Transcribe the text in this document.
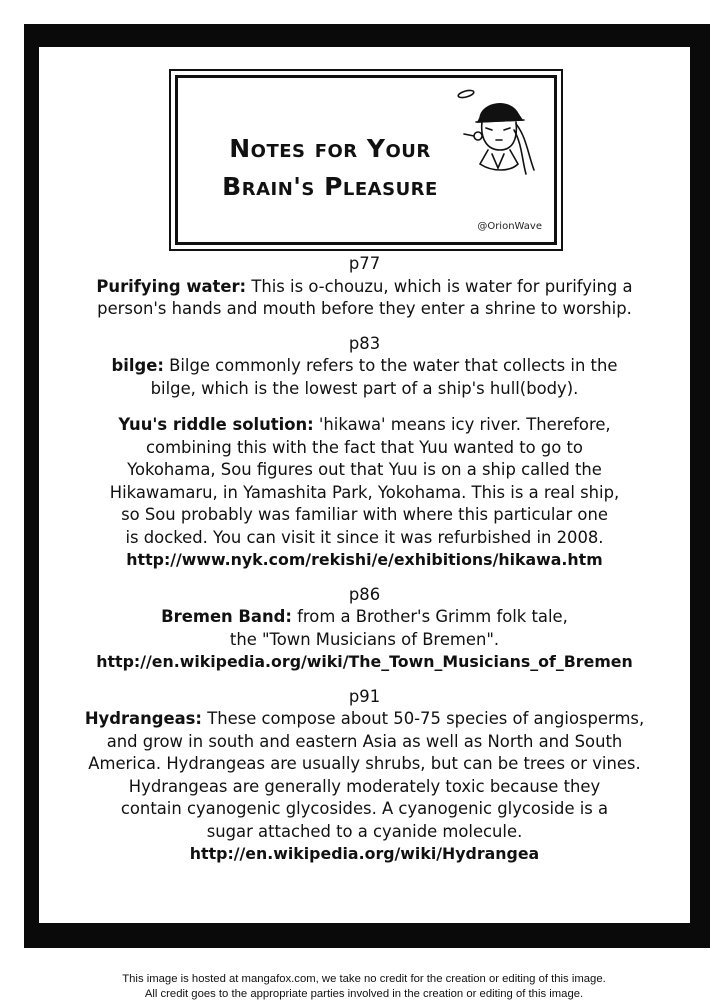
Notes for Your
Brain's Pleasure
@OrionWave

p77

Purifying water: This is o-chouzu, which is water for purifying a

person's hands and mouth before they enter a shrine to worship.

p83

bilge: Bilge commonly refers to the water that collects in the

bilge, which is the lowest part of a ship's hull(body).

Yuu's riddle solution: 'hikawa' means icy river. Therefore,

combining this with the fact that Yuu wanted to go to

Yokohama, Sou figures out that Yuu is on a ship called the

Hikawamaru, in Yamashita Park, Yokohama. This is a real ship,

so Sou probably was familiar with where this particular one

is docked. You can visit it since it was refurbished in 2008.

http://www.nyk.com/rekishi/e/exhibitions/hikawa.htm

p86

Bremen Band: from a Brother's Grimm folk tale,

the "Town Musicians of Bremen".

http://en.wikipedia.org/wiki/The_Town_Musicians_of_Bremen

p91

Hydrangeas: These compose about 50-75 species of angiosperms,

and grow in south and eastern Asia as well as North and South

America. Hydrangeas are usually shrubs, but can be trees or vines.

Hydrangeas are generally moderately toxic because they

contain cyanogenic glycosides. A cyanogenic glycoside is a

sugar attached to a cyanide molecule.

http://en.wikipedia.org/wiki/Hydrangea

This image is hosted at mangafox.com, we take no credit for the creation or editing of this image.
All credit goes to the appropriate parties involved in the creation or editing of this image.
